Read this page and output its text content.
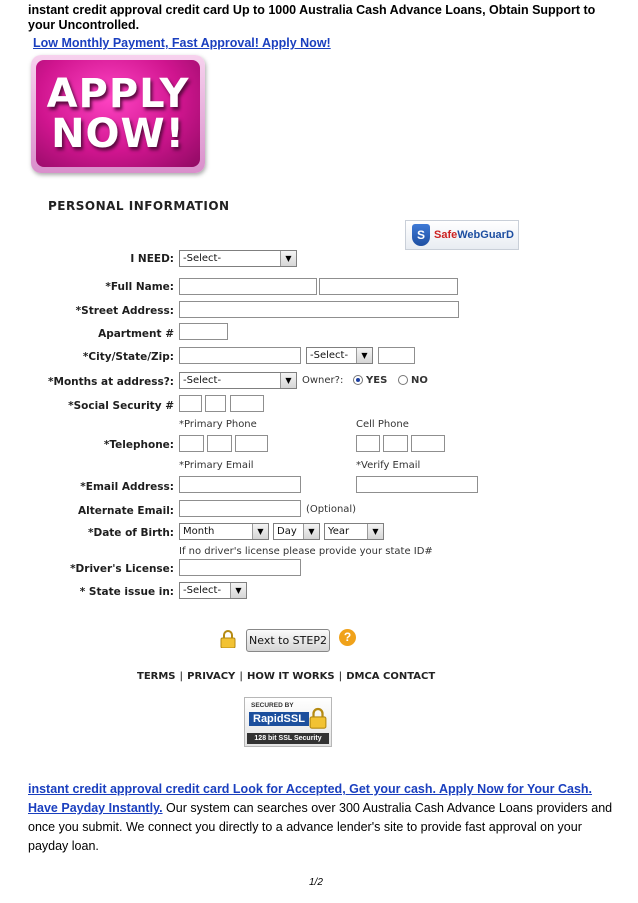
instant credit approval credit card Up to 1000 Australia Cash Advance Loans, Obtain Support to your Uncontrolled.
Low Monthly Payment, Fast Approval! Apply Now!
APPLY
NOW!
PERSONAL INFORMATION
S SafeWebGuarD
I NEED: -Select-	▼
*Full Name:
*Street Address:
Apartment #
*City/State/Zip:	-Select-	▼
*Months at address?: -Select-	▼	Owner?: YES NO
*Social Security #
*Primary Phone	Cell Phone
*Telephone:
*Primary Email	*Verify Email
*Email Address:
Alternate Email:	(Optional)
*Date of Birth: Month	▼	Day	▼	Year	▼
If no driver's license please provide your state ID#
*Driver's License:
* State issue in: -Select-	▼
Next to STEP2	?
TERMS | PRIVACY | HOW IT WORKS | DMCA CONTACT
SECURED BY
RapidSSL
128 bit SSL Security
instant credit approval credit card Look for Accepted, Get your cash. Apply Now for Your Cash. Have Payday Instantly. Our system can searches over 300 Australia Cash Advance Loans providers and once you submit. We connect you directly to a advance lender's site to provide fast approval on your payday loan.
1/2
